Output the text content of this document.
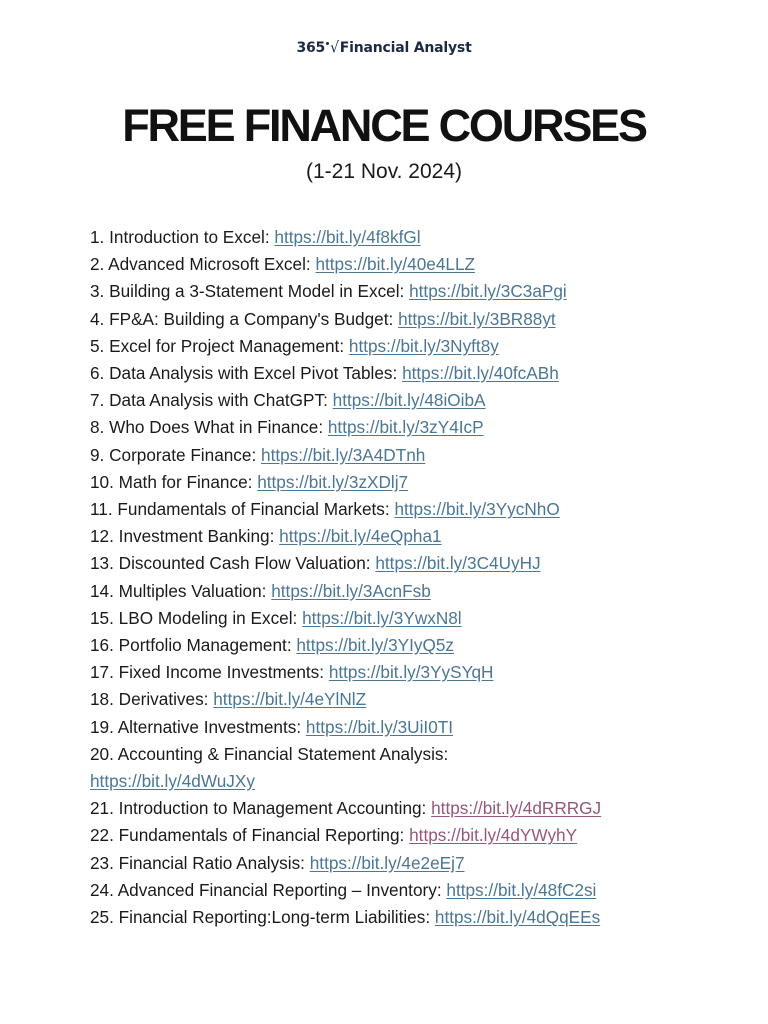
365 √Financial Analyst
FREE FINANCE COURSES
(1-21 Nov. 2024)
1. Introduction to Excel: https://bit.ly/4f8kfGl
2. Advanced Microsoft Excel: https://bit.ly/40e4LLZ
3. Building a 3-Statement Model in Excel: https://bit.ly/3C3aPgi
4. FP&A: Building a Company's Budget: https://bit.ly/3BR88yt
5. Excel for Project Management: https://bit.ly/3Nyft8y
6. Data Analysis with Excel Pivot Tables: https://bit.ly/40fcABh
7. Data Analysis with ChatGPT: https://bit.ly/48iOibA
8. Who Does What in Finance: https://bit.ly/3zY4IcP
9. Corporate Finance: https://bit.ly/3A4DTnh
10. Math for Finance: https://bit.ly/3zXDlj7
11. Fundamentals of Financial Markets: https://bit.ly/3YycNhO
12. Investment Banking: https://bit.ly/4eQpha1
13. Discounted Cash Flow Valuation: https://bit.ly/3C4UyHJ
14. Multiples Valuation: https://bit.ly/3AcnFsb
15. LBO Modeling in Excel: https://bit.ly/3YwxN8l
16. Portfolio Management: https://bit.ly/3YIyQ5z
17. Fixed Income Investments: https://bit.ly/3YySYqH
18. Derivatives: https://bit.ly/4eYlNlZ
19. Alternative Investments: https://bit.ly/3UiI0TI
20. Accounting & Financial Statement Analysis:
https://bit.ly/4dWuJXy
21. Introduction to Management Accounting: https://bit.ly/4dRRRGJ
22. Fundamentals of Financial Reporting: https://bit.ly/4dYWyhY
23. Financial Ratio Analysis: https://bit.ly/4e2eEj7
24. Advanced Financial Reporting – Inventory: https://bit.ly/48fC2si
25. Financial Reporting:Long-term Liabilities: https://bit.ly/4dQqEEs
